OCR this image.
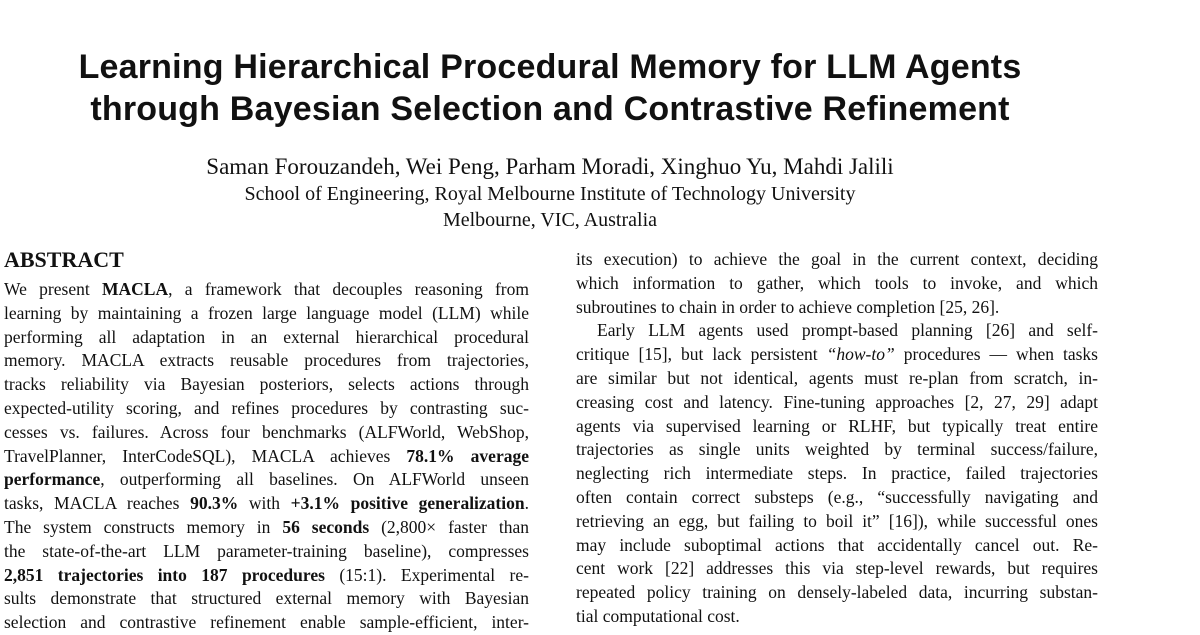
Learning Hierarchical Procedural Memory for LLM Agents
through Bayesian Selection and Contrastive Refinement
Saman Forouzandeh, Wei Peng, Parham Moradi, Xinghuo Yu, Mahdi Jalili
School of Engineering, Royal Melbourne Institute of Technology University
Melbourne, VIC, Australia
ABSTRACT
We present MACLA, a framework that decouples reasoning from
learning by maintaining a frozen large language model (LLM) while
performing all adaptation in an external hierarchical procedural
memory. MACLA extracts reusable procedures from trajectories,
tracks reliability via Bayesian posteriors, selects actions through
expected-utility scoring, and refines procedures by contrasting suc-
cesses vs. failures. Across four benchmarks (ALFWorld, WebShop,
TravelPlanner, InterCodeSQL), MACLA achieves 78.1% average
performance, outperforming all baselines. On ALFWorld unseen
tasks, MACLA reaches 90.3% with +3.1% positive generalization.
The system constructs memory in 56 seconds (2,800× faster than
the state-of-the-art LLM parameter-training baseline), compresses
2,851 trajectories into 187 procedures (15:1). Experimental re-
sults demonstrate that structured external memory with Bayesian
selection and contrastive refinement enable sample-efficient, inter-
its execution) to achieve the goal in the current context, deciding
which information to gather, which tools to invoke, and which
subroutines to chain in order to achieve completion [25, 26].
Early LLM agents used prompt-based planning [26] and self-
critique [15], but lack persistent “how-to” procedures — when tasks
are similar but not identical, agents must re-plan from scratch, in-
creasing cost and latency. Fine-tuning approaches [2, 27, 29] adapt
agents via supervised learning or RLHF, but typically treat entire
trajectories as single units weighted by terminal success/failure,
neglecting rich intermediate steps. In practice, failed trajectories
often contain correct substeps (e.g., “successfully navigating and
retrieving an egg, but failing to boil it” [16]), while successful ones
may include suboptimal actions that accidentally cancel out. Re-
cent work [22] addresses this via step-level rewards, but requires
repeated policy training on densely-labeled data, incurring substan-
tial computational cost.
